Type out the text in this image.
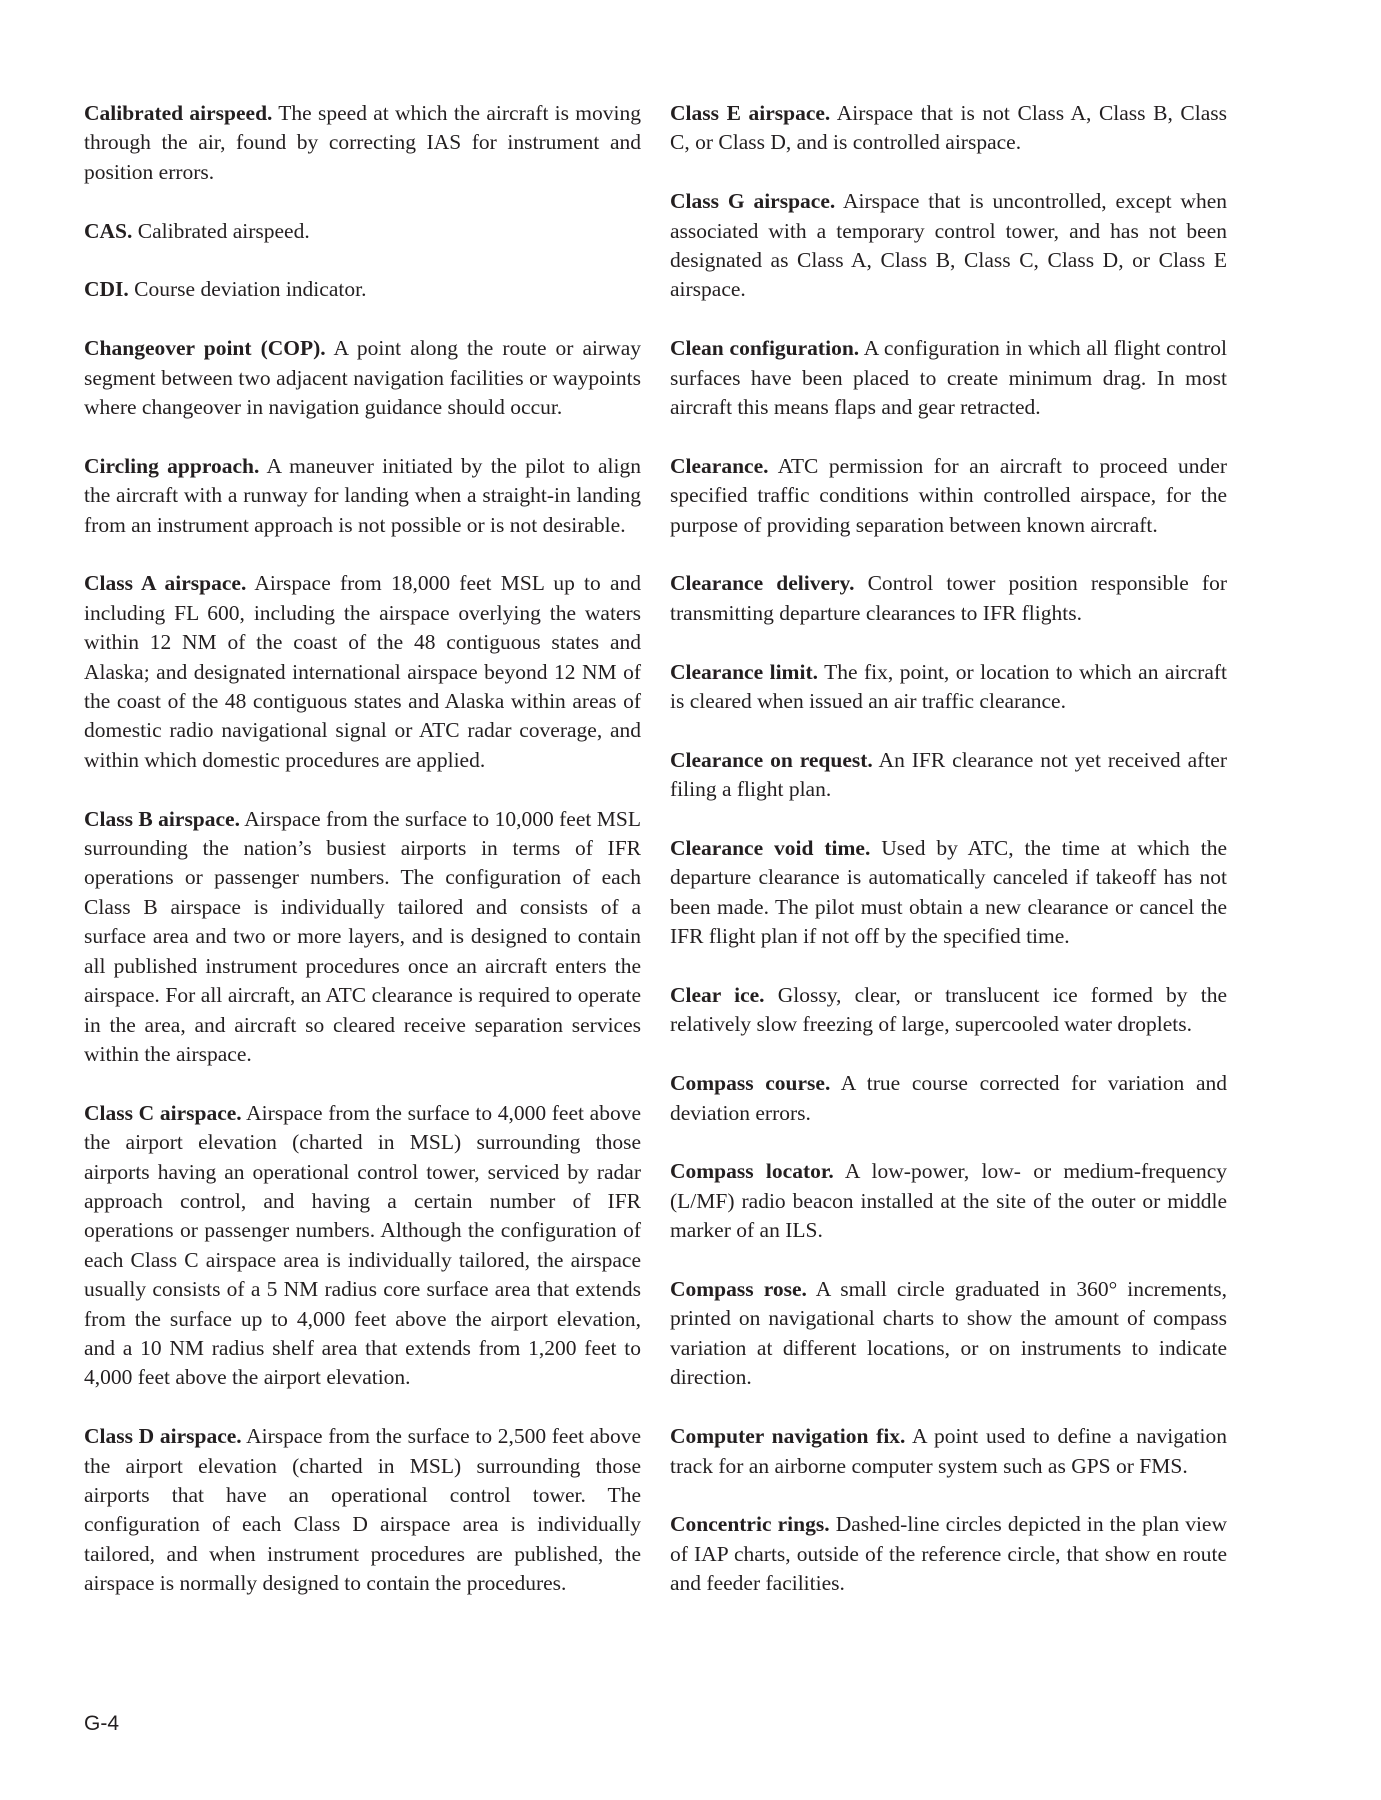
Calibrated airspeed. The speed at which the aircraft is moving through the air, found by correcting IAS for instrument and position errors.

CAS. Calibrated airspeed.

CDI. Course deviation indicator.

Changeover point (COP). A point along the route or airway segment between two adjacent navigation facilities or waypoints where changeover in navigation guidance should occur.

Circling approach. A maneuver initiated by the pilot to align the aircraft with a runway for landing when a straight-in landing from an instrument approach is not possible or is not desirable.

Class A airspace. Airspace from 18,000 feet MSL up to and including FL 600, including the airspace overlying the waters within 12 NM of the coast of the 48 contiguous states and Alaska; and designated international airspace beyond 12 NM of the coast of the 48 contiguous states and Alaska within areas of domestic radio navigational signal or ATC radar coverage, and within which domestic procedures are applied.

Class B airspace. Airspace from the surface to 10,000 feet MSL surrounding the nation’s busiest airports in terms of IFR operations or passenger numbers. The configuration of each Class B airspace is individually tailored and consists of a surface area and two or more layers, and is designed to contain all published instrument procedures once an aircraft enters the airspace. For all aircraft, an ATC clearance is required to operate in the area, and aircraft so cleared receive separation services within the airspace.

Class C airspace. Airspace from the surface to 4,000 feet above the airport elevation (charted in MSL) surrounding those airports having an operational control tower, serviced by radar approach control, and having a certain number of IFR operations or passenger numbers. Although the configuration of each Class C airspace area is individually tailored, the airspace usually consists of a 5 NM radius core surface area that extends from the surface up to 4,000 feet above the airport elevation, and a 10 NM radius shelf area that extends from 1,200 feet to 4,000 feet above the airport elevation.

Class D airspace. Airspace from the surface to 2,500 feet above the airport elevation (charted in MSL) surrounding those airports that have an operational control tower. The configuration of each Class D airspace area is individually tailored, and when instrument procedures are published, the airspace is normally designed to contain the procedures.

Class E airspace. Airspace that is not Class A, Class B, Class C, or Class D, and is controlled airspace.

Class G airspace. Airspace that is uncontrolled, except when associated with a temporary control tower, and has not been designated as Class A, Class B, Class C, Class D, or Class E airspace.

Clean configuration. A configuration in which all flight control surfaces have been placed to create minimum drag. In most aircraft this means flaps and gear retracted.

Clearance. ATC permission for an aircraft to proceed under specified traffic conditions within controlled airspace, for the purpose of providing separation between known aircraft.

Clearance delivery. Control tower position responsible for transmitting departure clearances to IFR flights.

Clearance limit. The fix, point, or location to which an aircraft is cleared when issued an air traffic clearance.

Clearance on request. An IFR clearance not yet received after filing a flight plan.

Clearance void time. Used by ATC, the time at which the departure clearance is automatically canceled if takeoff has not been made. The pilot must obtain a new clearance or cancel the IFR flight plan if not off by the specified time.

Clear ice. Glossy, clear, or translucent ice formed by the relatively slow freezing of large, supercooled water droplets.

Compass course. A true course corrected for variation and deviation errors.

Compass locator. A low-power, low- or medium-frequency (L/MF) radio beacon installed at the site of the outer or middle marker of an ILS.

Compass rose. A small circle graduated in 360° increments, printed on navigational charts to show the amount of compass variation at different locations, or on instruments to indicate direction.

Computer navigation fix. A point used to define a navigation track for an airborne computer system such as GPS or FMS.

Concentric rings. Dashed-line circles depicted in the plan view of IAP charts, outside of the reference circle, that show en route and feeder facilities.

G-4
